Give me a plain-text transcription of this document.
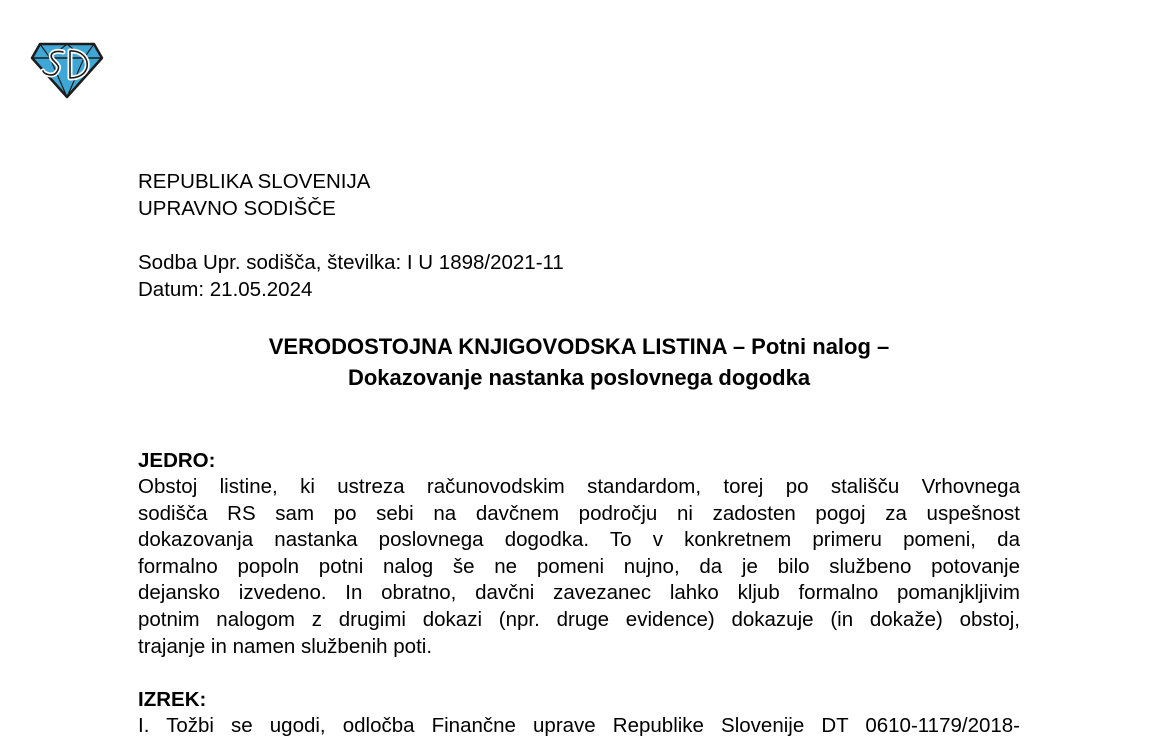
REPUBLIKA SLOVENIJA
UPRAVNO SODIŠČE
Sodba Upr. sodišča, številka: I U 1898/2021-11
Datum: 21.05.2024
VERODOSTOJNA KNJIGOVODSKA LISTINA – Potni nalog –
Dokazovanje nastanka poslovnega dogodka
JEDRO:
Obstoj listine, ki ustreza računovodskim standardom, torej po stališču Vrhovnega
sodišča RS sam po sebi na davčnem področju ni zadosten pogoj za uspešnost
dokazovanja nastanka poslovnega dogodka. To v konkretnem primeru pomeni, da
formalno popoln potni nalog še ne pomeni nujno, da je bilo službeno potovanje
dejansko izvedeno. In obratno, davčni zavezanec lahko kljub formalno pomanjkljivim
potnim nalogom z drugimi dokazi (npr. druge evidence) dokazuje (in dokaže) obstoj,
trajanje in namen službenih poti.
IZREK:
I. Tožbi se ugodi, odločba Finančne uprave Republike Slovenije DT 0610-1179/2018-
